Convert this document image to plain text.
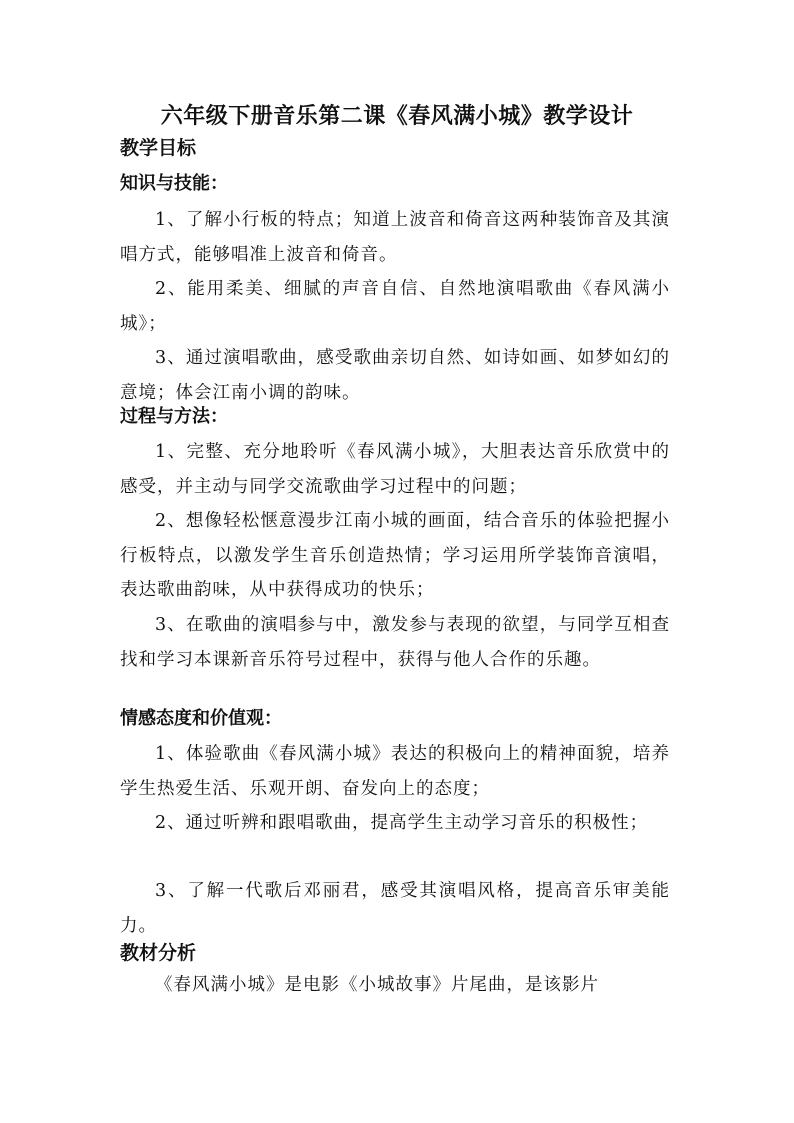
六年级下册音乐第二课《春风满小城》教学设计
教学目标
知识与技能：

1、了解小行板的特点；知道上波音和倚音这两种装饰音及其演唱方式，能够唱准上波音和倚音。

2、能用柔美、细腻的声音自信、自然地演唱歌曲《春风满小城》；

3、通过演唱歌曲，感受歌曲亲切自然、如诗如画、如梦如幻的意境；体会江南小调的韵味。

过程与方法：

1、完整、充分地聆听《春风满小城》，大胆表达音乐欣赏中的感受，并主动与同学交流歌曲学习过程中的问题；

2、想像轻松惬意漫步江南小城的画面，结合音乐的体验把握小行板特点，以激发学生音乐创造热情；学习运用所学装饰音演唱，表达歌曲韵味，从中获得成功的快乐；

3、在歌曲的演唱参与中，激发参与表现的欲望，与同学互相查找和学习本课新音乐符号过程中，获得与他人合作的乐趣。

情感态度和价值观：

1、体验歌曲《春风满小城》表达的积极向上的精神面貌，培养学生热爱生活、乐观开朗、奋发向上的态度；

2、通过听辨和跟唱歌曲，提高学生主动学习音乐的积极性；

3、了解一代歌后邓丽君，感受其演唱风格，提高音乐审美能力。

教材分析

《春风满小城》是电影《小城故事》片尾曲，是该影片
